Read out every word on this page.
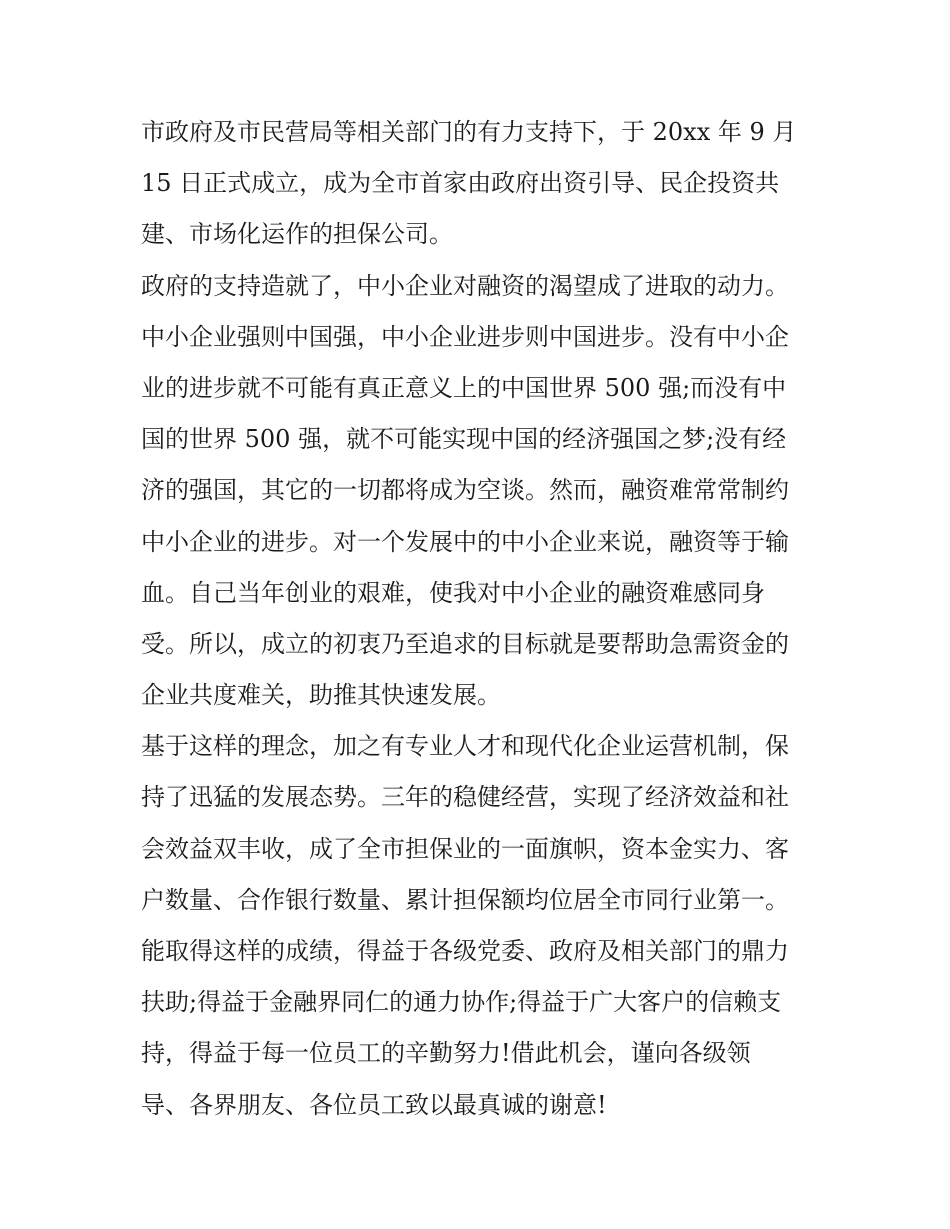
市政府及市民营局等相关部门的有力支持下，于 20xx 年 9 月
15 日正式成立，成为全市首家由政府出资引导、民企投资共
建、市场化运作的担保公司。
政府的支持造就了，中小企业对融资的渴望成了进取的动力。
中小企业强则中国强，中小企业进步则中国进步。没有中小企
业的进步就不可能有真正意义上的中国世界 500 强;而没有中
国的世界 500 强，就不可能实现中国的经济强国之梦;没有经
济的强国，其它的一切都将成为空谈。然而，融资难常常制约
中小企业的进步。对一个发展中的中小企业来说，融资等于输
血。自己当年创业的艰难，使我对中小企业的融资难感同身
受。所以，成立的初衷乃至追求的目标就是要帮助急需资金的
企业共度难关，助推其快速发展。
基于这样的理念，加之有专业人才和现代化企业运营机制，保
持了迅猛的发展态势。三年的稳健经营，实现了经济效益和社
会效益双丰收，成了全市担保业的一面旗帜，资本金实力、客
户数量、合作银行数量、累计担保额均位居全市同行业第一。
能取得这样的成绩，得益于各级党委、政府及相关部门的鼎力
扶助;得益于金融界同仁的通力协作;得益于广大客户的信赖支
持，得益于每一位员工的辛勤努力!借此机会，谨向各级领
导、各界朋友、各位员工致以最真诚的谢意!
